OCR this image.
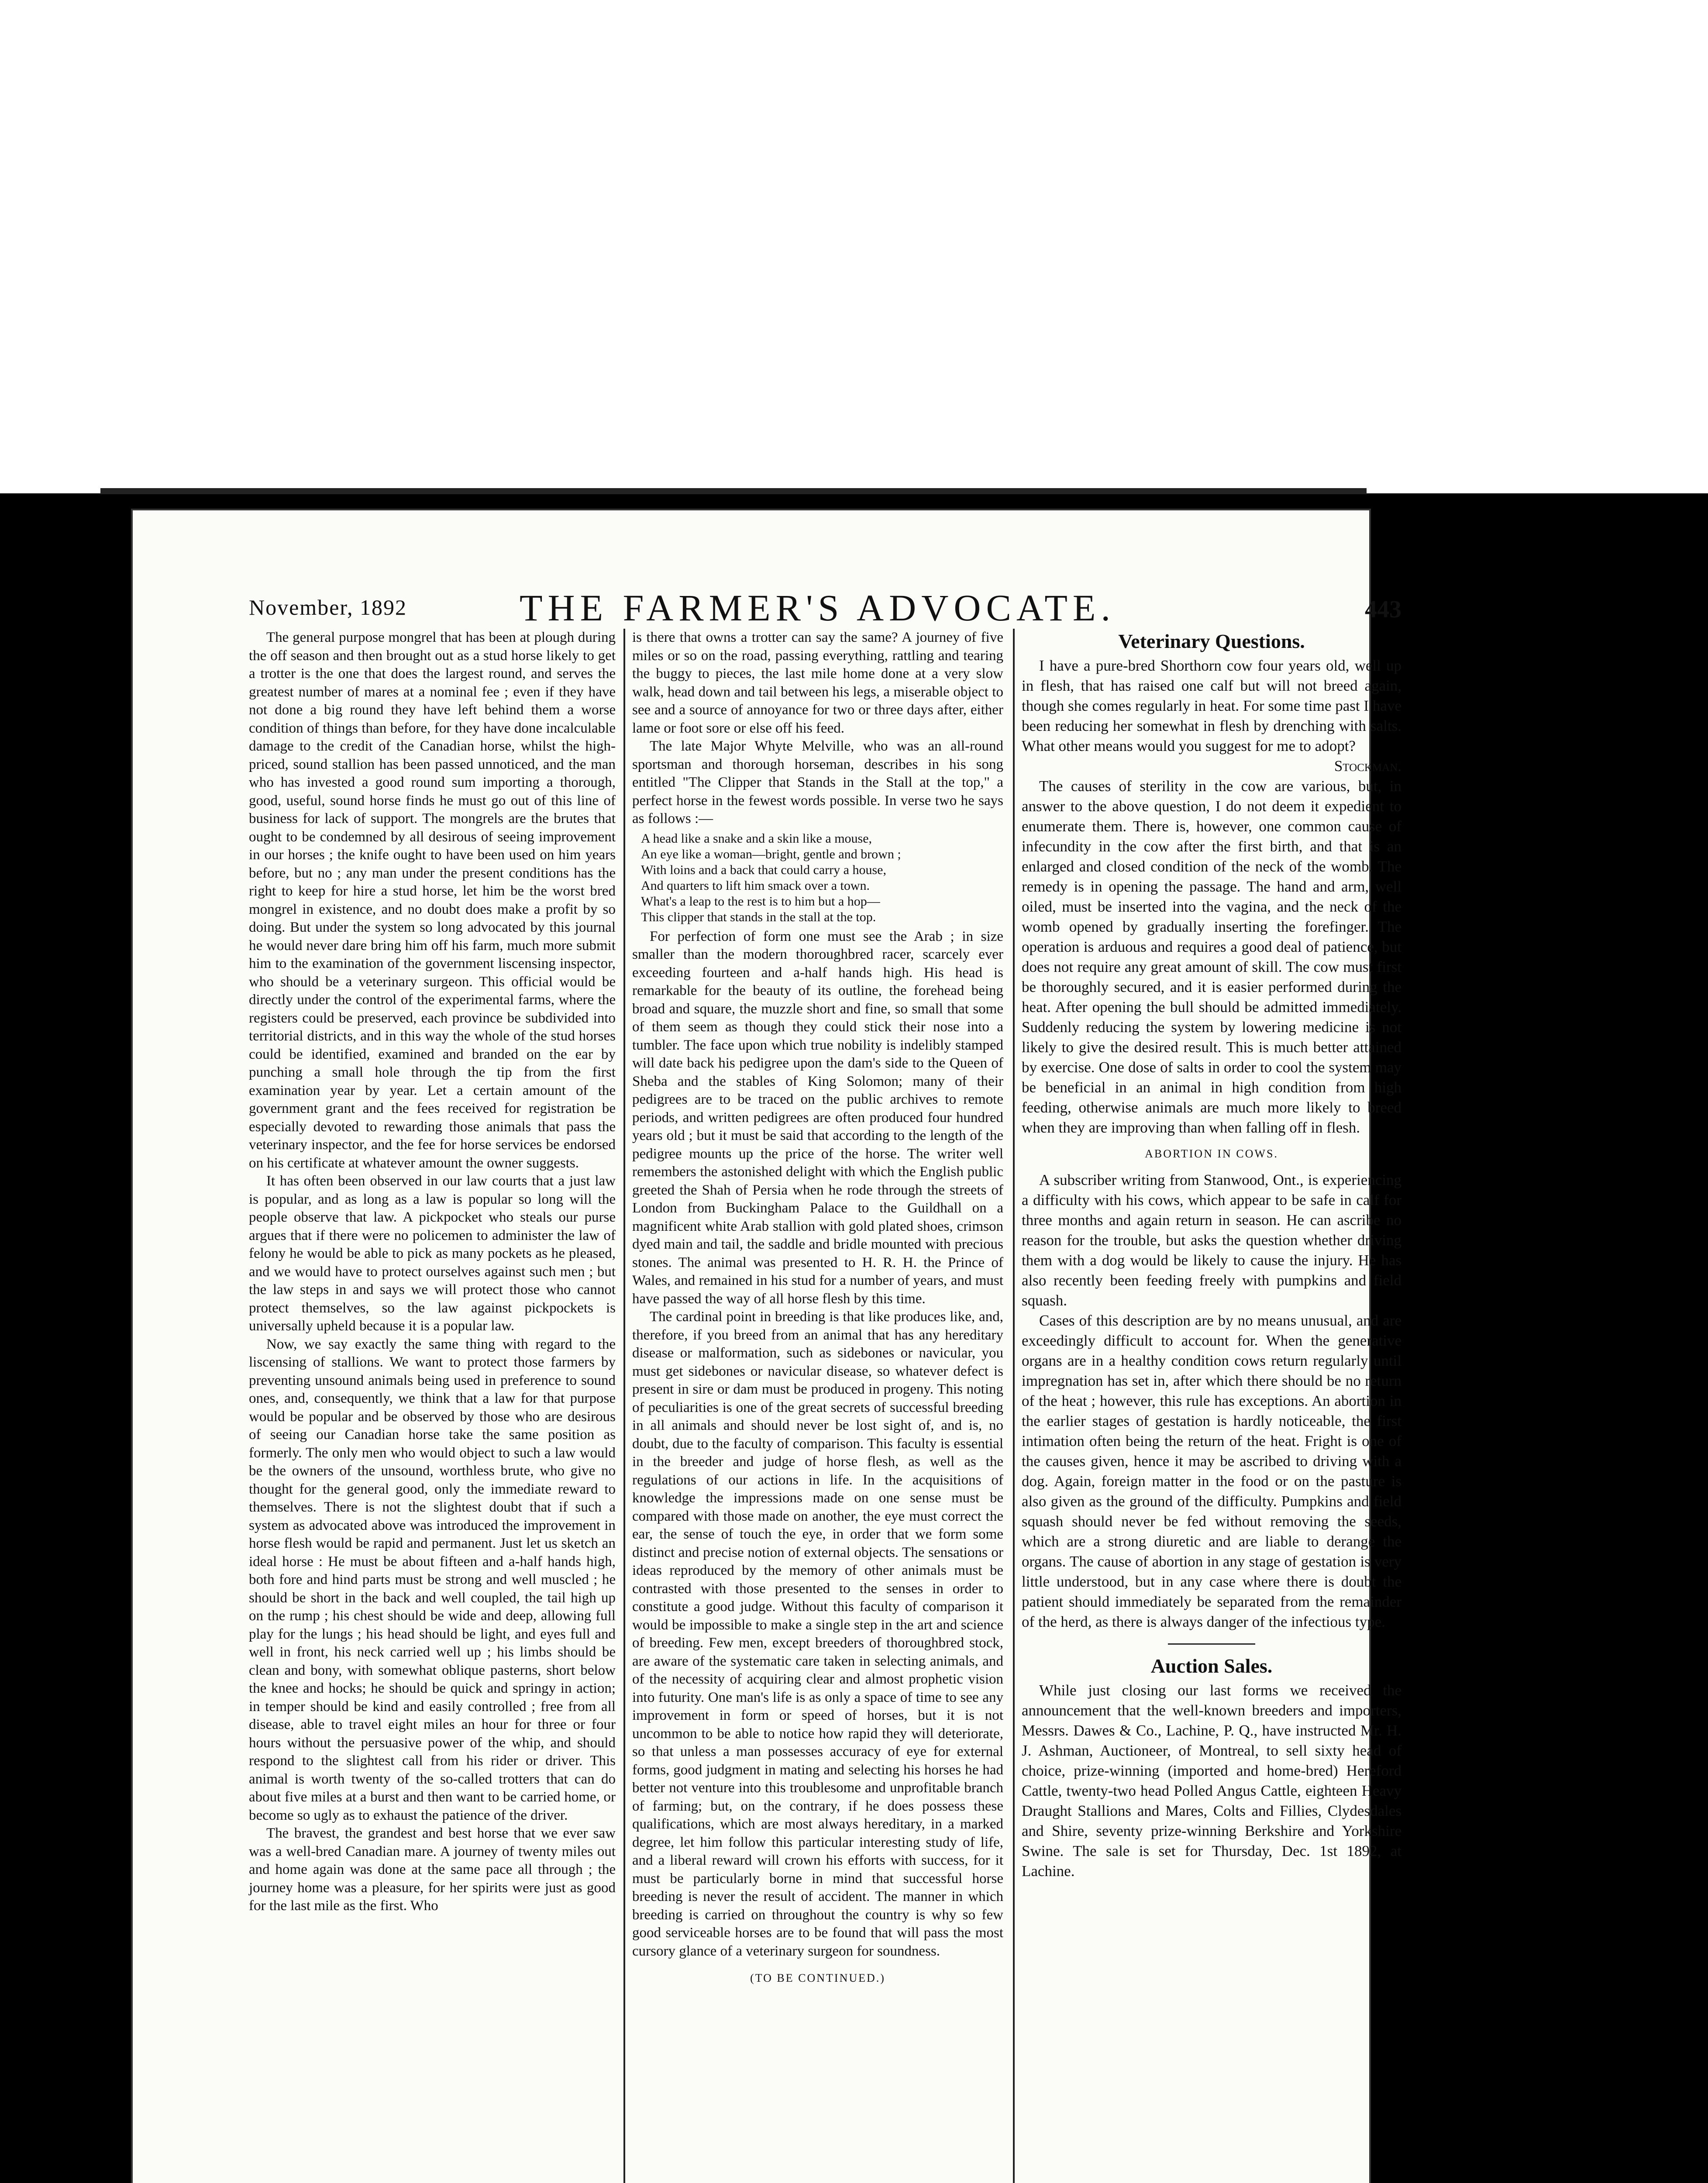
November, 1892	THE FARMER'S ADVOCATE.	443

The general purpose mongrel that has been at plough during the off season and then brought out as a stud horse likely to get a trotter is the one that does the largest round, and serves the greatest number of mares at a nominal fee ; even if they have not done a big round they have left behind them a worse condition of things than before, for they have done incalculable damage to the credit of the Canadian horse, whilst the high-priced, sound stallion has been passed unnoticed, and the man who has invested a good round sum importing a thorough, good, useful, sound horse finds he must go out of this line of business for lack of support. The mongrels are the brutes that ought to be condemned by all desirous of seeing improvement in our horses ; the knife ought to have been used on him years before, but no ; any man under the present conditions has the right to keep for hire a stud horse, let him be the worst bred mongrel in existence, and no doubt does make a profit by so doing. But under the system so long advocated by this journal he would never dare bring him off his farm, much more submit him to the examination of the government liscensing inspector, who should be a veterinary surgeon. This official would be directly under the control of the experimental farms, where the registers could be preserved, each province be subdivided into territorial districts, and in this way the whole of the stud horses could be identified, examined and branded on the ear by punching a small hole through the tip from the first examination year by year. Let a certain amount of the government grant and the fees received for registration be especially devoted to rewarding those animals that pass the veterinary inspector, and the fee for horse services be endorsed on his certificate at whatever amount the owner suggests.

It has often been observed in our law courts that a just law is popular, and as long as a law is popular so long will the people observe that law. A pickpocket who steals our purse argues that if there were no policemen to administer the law of felony he would be able to pick as many pockets as he pleased, and we would have to protect ourselves against such men ; but the law steps in and says we will protect those who cannot protect themselves, so the law against pickpockets is universally upheld because it is a popular law.

Now, we say exactly the same thing with regard to the liscensing of stallions. We want to protect those farmers by preventing unsound animals being used in preference to sound ones, and, consequently, we think that a law for that purpose would be popular and be observed by those who are desirous of seeing our Canadian horse take the same position as formerly. The only men who would object to such a law would be the owners of the unsound, worthless brute, who give no thought for the general good, only the immediate reward to themselves. There is not the slightest doubt that if such a system as advocated above was introduced the improvement in horse flesh would be rapid and permanent. Just let us sketch an ideal horse : He must be about fifteen and a-half hands high, both fore and hind parts must be strong and well muscled ; he should be short in the back and well coupled, the tail high up on the rump ; his chest should be wide and deep, allowing full play for the lungs ; his head should be light, and eyes full and well in front, his neck carried well up ; his limbs should be clean and bony, with somewhat oblique pasterns, short below the knee and hocks; he should be quick and springy in action; in temper should be kind and easily controlled ; free from all disease, able to travel eight miles an hour for three or four hours without the persuasive power of the whip, and should respond to the slightest call from his rider or driver. This animal is worth twenty of the so-called trotters that can do about five miles at a burst and then want to be carried home, or become so ugly as to exhaust the patience of the driver.

The bravest, the grandest and best horse that we ever saw was a well-bred Canadian mare. A journey of twenty miles out and home again was done at the same pace all through ; the journey home was a pleasure, for her spirits were just as good for the last mile as the first. Who

is there that owns a trotter can say the same? A journey of five miles or so on the road, passing everything, rattling and tearing the buggy to pieces, the last mile home done at a very slow walk, head down and tail between his legs, a miserable object to see and a source of annoyance for two or three days after, either lame or foot sore or else off his feed.

The late Major Whyte Melville, who was an all-round sportsman and thorough horseman, describes in his song entitled "The Clipper that Stands in the Stall at the top," a perfect horse in the fewest words possible. In verse two he says as follows :—

A head like a snake and a skin like a mouse,
An eye like a woman—bright, gentle and brown ;
With loins and a back that could carry a house,
And quarters to lift him smack over a town.
What's a leap to the rest is to him but a hop—
This clipper that stands in the stall at the top.

For perfection of form one must see the Arab ; in size smaller than the modern thoroughbred racer, scarcely ever exceeding fourteen and a-half hands high. His head is remarkable for the beauty of its outline, the forehead being broad and square, the muzzle short and fine, so small that some of them seem as though they could stick their nose into a tumbler. The face upon which true nobility is indelibly stamped will date back his pedigree upon the dam's side to the Queen of Sheba and the stables of King Solomon; many of their pedigrees are to be traced on the public archives to remote periods, and written pedigrees are often produced four hundred years old ; but it must be said that according to the length of the pedigree mounts up the price of the horse. The writer well remembers the astonished delight with which the English public greeted the Shah of Persia when he rode through the streets of London from Buckingham Palace to the Guildhall on a magnificent white Arab stallion with gold plated shoes, crimson dyed main and tail, the saddle and bridle mounted with precious stones. The animal was presented to H. R. H. the Prince of Wales, and remained in his stud for a number of years, and must have passed the way of all horse flesh by this time.

The cardinal point in breeding is that like produces like, and, therefore, if you breed from an animal that has any hereditary disease or malformation, such as sidebones or navicular, you must get sidebones or navicular disease, so whatever defect is present in sire or dam must be produced in progeny. This noting of peculiarities is one of the great secrets of successful breeding in all animals and should never be lost sight of, and is, no doubt, due to the faculty of comparison. This faculty is essential in the breeder and judge of horse flesh, as well as the regulations of our actions in life. In the acquisitions of knowledge the impressions made on one sense must be compared with those made on another, the eye must correct the ear, the sense of touch the eye, in order that we form some distinct and precise notion of external objects. The sensations or ideas reproduced by the memory of other animals must be contrasted with those presented to the senses in order to constitute a good judge. Without this faculty of comparison it would be impossible to make a single step in the art and science of breeding. Few men, except breeders of thoroughbred stock, are aware of the systematic care taken in selecting animals, and of the necessity of acquiring clear and almost prophetic vision into futurity. One man's life is as only a space of time to see any improvement in form or speed of horses, but it is not uncommon to be able to notice how rapid they will deteriorate, so that unless a man possesses accuracy of eye for external forms, good judgment in mating and selecting his horses he had better not venture into this troublesome and unprofitable branch of farming; but, on the contrary, if he does possess these qualifications, which are most always hereditary, in a marked degree, let him follow this particular interesting study of life, and a liberal reward will crown his efforts with success, for it must be particularly borne in mind that successful horse breeding is never the result of accident. The manner in which breeding is carried on throughout the country is why so few good serviceable horses are to be found that will pass the most cursory glance of a veterinary surgeon for soundness.

(TO BE CONTINUED.)
Veterinary Questions.

I have a pure-bred Shorthorn cow four years old, well up in flesh, that has raised one calf but will not breed again, though she comes regularly in heat. For some time past I have been reducing her somewhat in flesh by drenching with salts. What other means would you suggest for me to adopt?

Stockman.

The causes of sterility in the cow are various, but, in answer to the above question, I do not deem it expedient to enumerate them. There is, however, one common cause of infecundity in the cow after the first birth, and that is an enlarged and closed condition of the neck of the womb. The remedy is in opening the passage. The hand and arm, well oiled, must be inserted into the vagina, and the neck of the womb opened by gradually inserting the forefinger. The operation is arduous and requires a good deal of patience, but does not require any great amount of skill. The cow must first be thoroughly secured, and it is easier performed during the heat. After opening the bull should be admitted immediately. Suddenly reducing the system by lowering medicine is not likely to give the desired result. This is much better attained by exercise. One dose of salts in order to cool the system may be beneficial in an animal in high condition from high feeding, otherwise animals are much more likely to breed when they are improving than when falling off in flesh.

ABORTION IN COWS.

A subscriber writing from Stanwood, Ont., is experiencing a difficulty with his cows, which appear to be safe in calf for three months and again return in season. He can ascribe no reason for the trouble, but asks the question whether driving them with a dog would be likely to cause the injury. He has also recently been feeding freely with pumpkins and field squash.

Cases of this description are by no means unusual, and are exceedingly difficult to account for. When the generative organs are in a healthy condition cows return regularly until impregnation has set in, after which there should be no return of the heat ; however, this rule has exceptions. An abortion in the earlier stages of gestation is hardly noticeable, the first intimation often being the return of the heat. Fright is one of the causes given, hence it may be ascribed to driving with a dog. Again, foreign matter in the food or on the pasture is also given as the ground of the difficulty. Pumpkins and field squash should never be fed without removing the seeds, which are a strong diuretic and are liable to derange the organs. The cause of abortion in any stage of gestation is very little understood, but in any case where there is doubt the patient should immediately be separated from the remainder of the herd, as there is always danger of the infectious type.

Auction Sales.

While just closing our last forms we received the announcement that the well-known breeders and importers, Messrs. Dawes & Co., Lachine, P. Q., have instructed Mr. H. J. Ashman, Auctioneer, of Montreal, to sell sixty head of choice, prize-winning (imported and home-bred) Hereford Cattle, twenty-two head Polled Angus Cattle, eighteen Heavy Draught Stallions and Mares, Colts and Fillies, Clydesdales and Shire, seventy prize-winning Berkshire and Yorkshire Swine. The sale is set for Thursday, Dec. 1st 1892, at Lachine.
